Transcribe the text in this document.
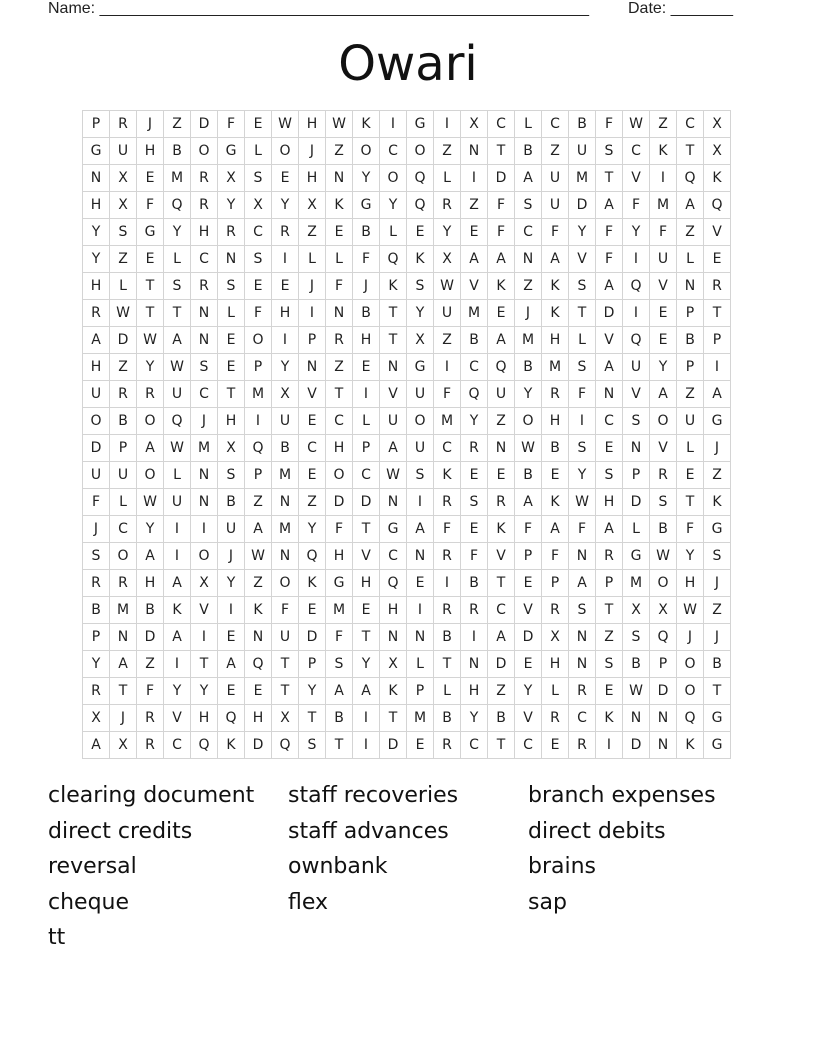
Name: _______________________________________________________ Date: _______
Owari
P	R	J	Z	D	F	E	W	H	W	K	I	G	I	X	C	L	C	B	F	W	Z	C	X
G	U	H	B	O	G	L	O	J	Z	O	C	O	Z	N	T	B	Z	U	S	C	K	T	X
N	X	E	M	R	X	S	E	H	N	Y	O	Q	L	I	D	A	U	M	T	V	I	Q	K
H	X	F	Q	R	Y	X	Y	X	K	G	Y	Q	R	Z	F	S	U	D	A	F	M	A	Q
Y	S	G	Y	H	R	C	R	Z	E	B	L	E	Y	E	F	C	F	Y	F	Y	F	Z	V
Y	Z	E	L	C	N	S	I	L	L	F	Q	K	X	A	A	N	A	V	F	I	U	L	E
H	L	T	S	R	S	E	E	J	F	J	K	S	W	V	K	Z	K	S	A	Q	V	N	R
R	W	T	T	N	L	F	H	I	N	B	T	Y	U	M	E	J	K	T	D	I	E	P	T
A	D	W	A	N	E	O	I	P	R	H	T	X	Z	B	A	M	H	L	V	Q	E	B	P
H	Z	Y	W	S	E	P	Y	N	Z	E	N	G	I	C	Q	B	M	S	A	U	Y	P	I
U	R	R	U	C	T	M	X	V	T	I	V	U	F	Q	U	Y	R	F	N	V	A	Z	A
O	B	O	Q	J	H	I	U	E	C	L	U	O	M	Y	Z	O	H	I	C	S	O	U	G
D	P	A	W	M	X	Q	B	C	H	P	A	U	C	R	N	W	B	S	E	N	V	L	J
U	U	O	L	N	S	P	M	E	O	C	W	S	K	E	E	B	E	Y	S	P	R	E	Z
F	L	W	U	N	B	Z	N	Z	D	D	N	I	R	S	R	A	K	W	H	D	S	T	K
J	C	Y	I	I	U	A	M	Y	F	T	G	A	F	E	K	F	A	F	A	L	B	F	G
S	O	A	I	O	J	W	N	Q	H	V	C	N	R	F	V	P	F	N	R	G	W	Y	S
R	R	H	A	X	Y	Z	O	K	G	H	Q	E	I	B	T	E	P	A	P	M	O	H	J
B	M	B	K	V	I	K	F	E	M	E	H	I	R	R	C	V	R	S	T	X	X	W	Z
P	N	D	A	I	E	N	U	D	F	T	N	N	B	I	A	D	X	N	Z	S	Q	J	J
Y	A	Z	I	T	A	Q	T	P	S	Y	X	L	T	N	D	E	H	N	S	B	P	O	B
R	T	F	Y	Y	E	E	T	Y	A	A	K	P	L	H	Z	Y	L	R	E	W	D	O	T
X	J	R	V	H	Q	H	X	T	B	I	T	M	B	Y	B	V	R	C	K	N	N	Q	G
A	X	R	C	Q	K	D	Q	S	T	I	D	E	R	C	T	C	E	R	I	D	N	K	G
clearing document	staff recoveries	branch expenses
direct credits	staff advances	direct debits
reversal	ownbank	brains
cheque	flex	sap
tt
